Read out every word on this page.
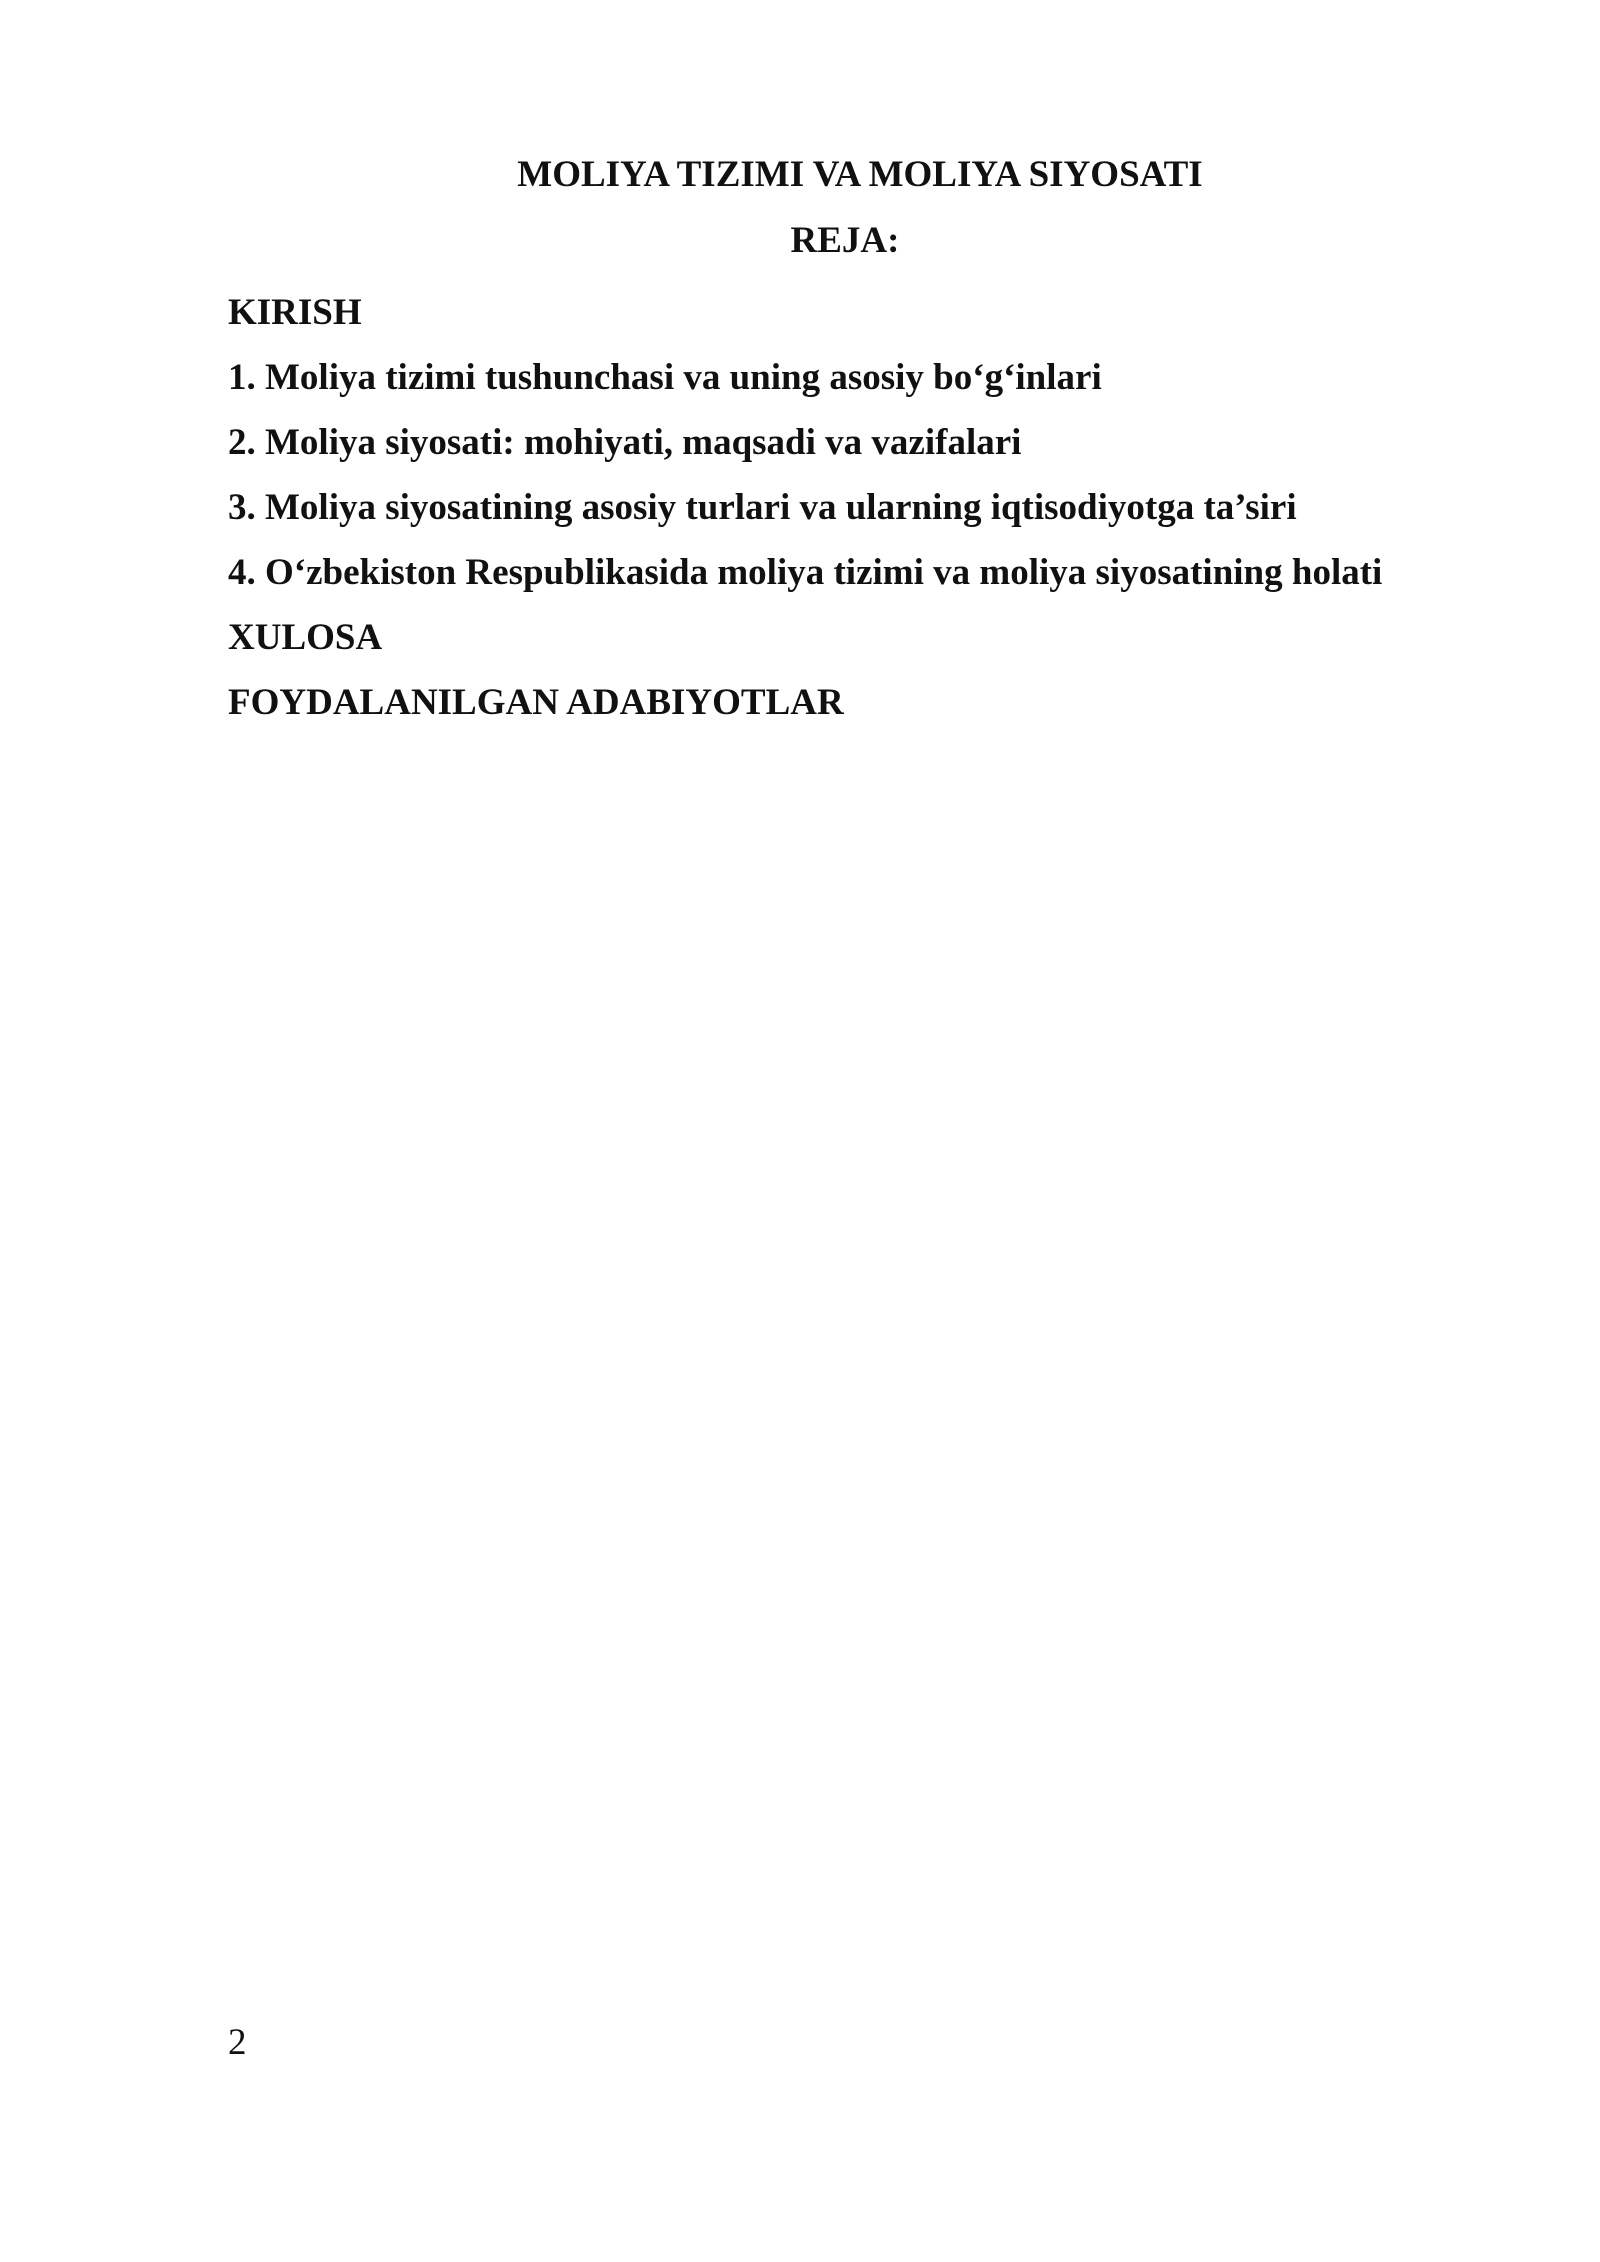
MOLIYA TIZIMI VA MOLIYA SIYOSATI
REJA:
KIRISH
1. Moliya tizimi tushunchasi va uning asosiy bo‘g‘inlari
2. Moliya siyosati: mohiyati, maqsadi va vazifalari
3. Moliya siyosatining asosiy turlari va ularning iqtisodiyotga ta’siri
4. O‘zbekiston Respublikasida moliya tizimi va moliya siyosatining holati
XULOSA
FOYDALANILGAN ADABIYOTLAR
2
